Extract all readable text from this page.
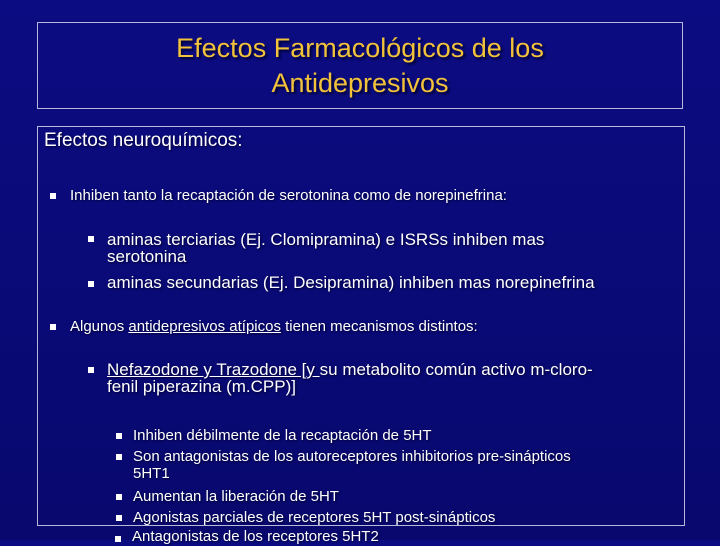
Efectos Farmacológicos de los
Antidepresivos
Efectos neuroquímicos:
Inhiben tanto la recaptación de serotonina como de norepinefrina:
aminas terciarias (Ej. Clomipramina) e ISRSs inhiben mas
serotonina
aminas secundarias (Ej. Desipramina) inhiben mas norepinefrina
Algunos antidepresivos atípicos tienen mecanismos distintos:
Nefazodone y Trazodone [y su metabolito común activo m-cloro-
fenil piperazina (m.CPP)]
Inhiben débilmente de la recaptación de 5HT
Son antagonistas de los autoreceptores inhibitorios pre-sinápticos
5HT1
Aumentan la liberación de 5HT
Agonistas parciales de receptores 5HT post-sinápticos
Antagonistas de los receptores 5HT2
